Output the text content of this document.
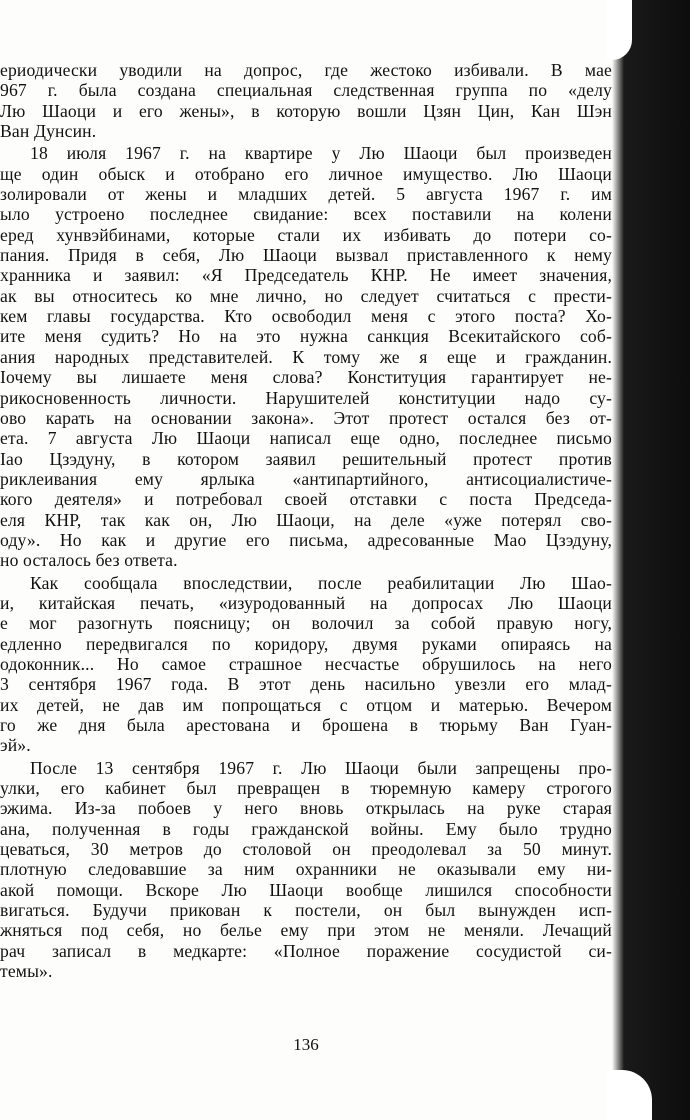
ериодически уводили на допрос, где жестоко избивали. В мае
967 г. была создана специальная следственная группа по «делу
Лю Шаоци и его жены», в которую вошли Цзян Цин, Кан Шэн
Ван Дунсин.
18 июля 1967 г. на квартире у Лю Шаоци был произведен
ще один обыск и отобрано его личное имущество. Лю Шаоци
золировали от жены и младших детей. 5 августа 1967 г. им
ыло устроено последнее свидание: всех поставили на колени
еред хунвэйбинами, которые стали их избивать до потери со-
пания. Придя в себя, Лю Шаоци вызвал приставленного к нему
хранника и заявил: «Я Председатель КНР. Не имеет значения,
ак вы относитесь ко мне лично, но следует считаться с прести-
кем главы государства. Кто освободил меня с этого поста? Хо-
ите меня судить? Но на это нужна санкция Всекитайского соб-
ания народных представителей. К тому же я еще и гражданин.
Іочему вы лишаете меня слова? Конституция гарантирует не-
рикосновенность личности. Нарушителей конституции надо су-
ово карать на основании закона». Этот протест остался без от-
ета. 7 августа Лю Шаоци написал еще одно, последнее письмо
Іао Цзэдуну, в котором заявил решительный протест против
риклеивания ему ярлыка «антипартийного, антисоциалистиче-
кого деятеля» и потребовал своей отставки с поста Председа-
еля КНР, так как он, Лю Шаоци, на деле «уже потерял сво-
оду». Но как и другие его письма, адресованные Мао Цзэдуну,
но осталось без ответа.
Как сообщала впоследствии, после реабилитации Лю Шао-
и, китайская печать, «изуродованный на допросах Лю Шаоци
е мог разогнуть поясницу; он волочил за собой правую ногу,
едленно передвигался по коридору, двумя руками опираясь на
одоконник... Но самое страшное несчастье обрушилось на него
3 сентября 1967 года. В этот день насильно увезли его млад-
их детей, не дав им попрощаться с отцом и матерью. Вечером
го же дня была арестована и брошена в тюрьму Ван Гуан-
эй».
После 13 сентября 1967 г. Лю Шаоци были запрещены про-
улки, его кабинет был превращен в тюремную камеру строгого
эжима. Из-за побоев у него вновь открылась на руке старая
ана, полученная в годы гражданской войны. Ему было трудно
цеваться, 30 метров до столовой он преодолевал за 50 минут.
плотную следовавшие за ним охранники не оказывали ему ни-
акой помощи. Вскоре Лю Шаоци вообще лишился способности
вигаться. Будучи прикован к постели, он был вынужден исп-
жняться под себя, но белье ему при этом не меняли. Лечащий
рач записал в медкарте: «Полное поражение сосудистой си-
темы».
136
